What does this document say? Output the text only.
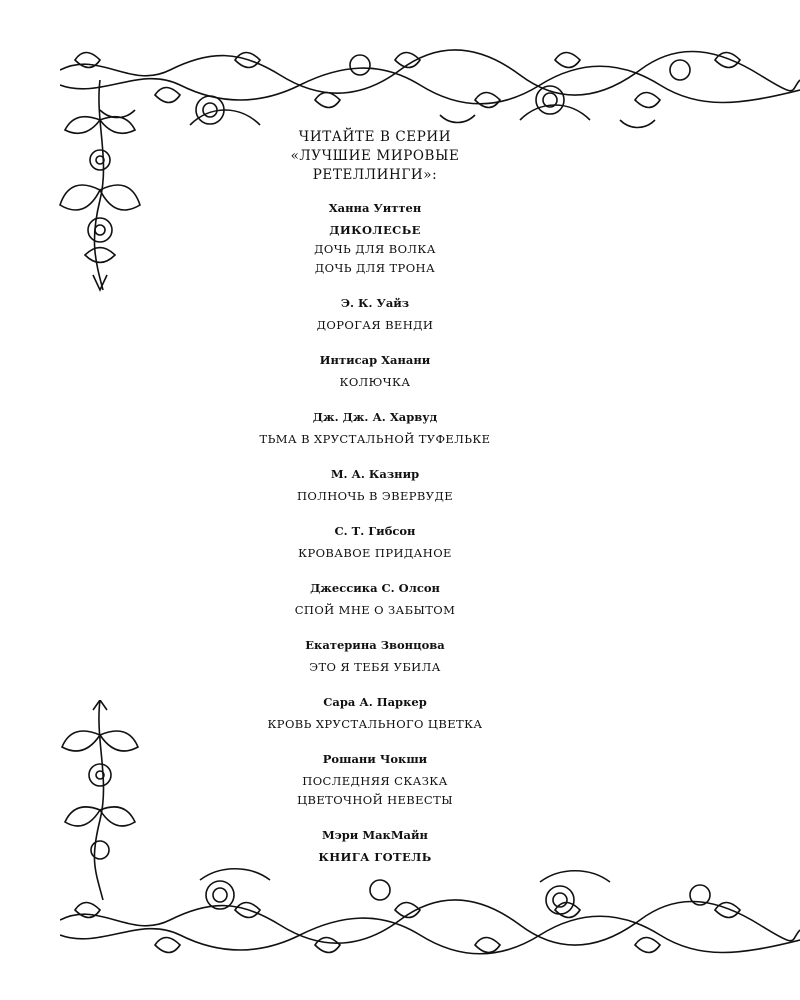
ЧИТАЙТЕ В СЕРИИ
«ЛУЧШИЕ МИРОВЫЕ
РЕТЕЛЛИНГИ»:
Ханна Уиттен
ДИКОЛЕСЬЕ
ДОЧЬ ДЛЯ ВОЛКА
ДОЧЬ ДЛЯ ТРОНА
Э. К. Уайз
ДОРОГАЯ ВЕНДИ
Интисар Ханани
КОЛЮЧКА
Дж. Дж. А. Харвуд
ТЬМА В ХРУСТАЛЬНОЙ ТУФЕЛЬКЕ
М. А. Казнир
ПОЛНОЧЬ В ЭВЕРВУДЕ
С. Т. Гибсон
КРОВАВОЕ ПРИДАНОЕ
Джессика С. Олсон
СПОЙ МНЕ О ЗАБЫТОМ
Екатерина Звонцова
ЭТО Я ТЕБЯ УБИЛА
Сара А. Паркер
КРОВЬ ХРУСТАЛЬНОГО ЦВЕТКА
Рошани Чокши
ПОСЛЕДНЯЯ СКАЗКА
ЦВЕТОЧНОЙ НЕВЕСТЫ
Мэри МакМайн
КНИГА ГОТЕЛЬ
